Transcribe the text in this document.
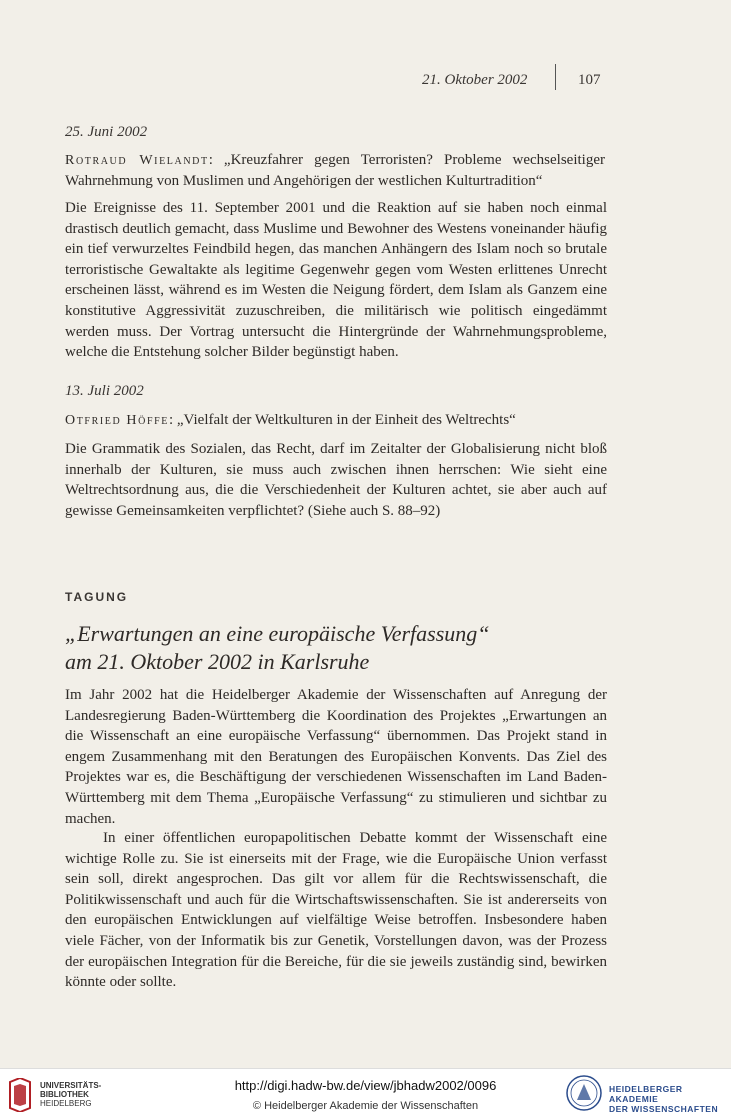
21. Oktober 2002	107
25. Juni 2002
Rotraud Wielandt: „Kreuzfahrer gegen Terroristen? Probleme wechselseitiger Wahrnehmung von Muslimen und Angehörigen der westlichen Kulturtradition“

Die Ereignisse des 11. September 2001 und die Reaktion auf sie haben noch einmal drastisch deutlich gemacht, dass Muslime und Bewohner des Westens voneinander häufig ein tief verwurzeltes Feindbild hegen, das manchen Anhängern des Islam noch so brutale terroristische Gewaltakte als legitime Gegenwehr gegen vom Westen erlittenes Unrecht erscheinen lässt, während es im Westen die Neigung fördert, dem Islam als Ganzem eine konstitutive Aggressivität zuzuschreiben, die militärisch wie politisch eingedämmt werden muss. Der Vortrag untersucht die Hintergründe der Wahrnehmungsprobleme, welche die Entstehung solcher Bilder begünstigt haben.

13. Juli 2002
Otfried Höffe: „Vielfalt der Weltkulturen in der Einheit des Weltrechts“

Die Grammatik des Sozialen, das Recht, darf im Zeitalter der Globalisierung nicht bloß innerhalb der Kulturen, sie muss auch zwischen ihnen herrschen: Wie sieht eine Weltrechtsordnung aus, die die Verschiedenheit der Kulturen achtet, sie aber auch auf gewisse Gemeinsamkeiten verpflichtet? (Siehe auch S. 88–92)

TAGUNG
„Erwartungen an eine europäische Verfassung“
am 21. Oktober 2002 in Karlsruhe

Im Jahr 2002 hat die Heidelberger Akademie der Wissenschaften auf Anregung der Landesregierung Baden-Württemberg die Koordination des Projektes „Erwartungen an die Wissenschaft an eine europäische Verfassung“ übernommen. Das Projekt stand in engem Zusammenhang mit den Beratungen des Europäischen Konvents. Das Ziel des Projektes war es, die Beschäftigung der verschiedenen Wissenschaften im Land Baden-Württemberg mit dem Thema „Europäische Verfassung“ zu stimulieren und sichtbar zu machen.

In einer öffentlichen europapolitischen Debatte kommt der Wissenschaft eine wichtige Rolle zu. Sie ist einerseits mit der Frage, wie die Europäische Union verfasst sein soll, direkt angesprochen. Das gilt vor allem für die Rechtswissenschaft, die Politikwissenschaft und auch für die Wirtschaftswissenschaften. Sie ist andererseits von den europäischen Entwicklungen auf vielfältige Weise betroffen. Insbesondere haben viele Fächer, von der Informatik bis zur Genetik, Vorstellungen davon, was der Prozess der europäischen Integration für die Bereiche, für die sie jeweils zuständig sind, bewirken könnte oder sollte.

UNIVERSITÄTS-
BIBLIOTHEK
HEIDELBERG
http://digi.hadw-bw.de/view/jbhadw2002/0096
© Heidelberger Akademie der Wissenschaften
HEIDELBERGER AKADEMIE
DER WISSENSCHAFTEN
